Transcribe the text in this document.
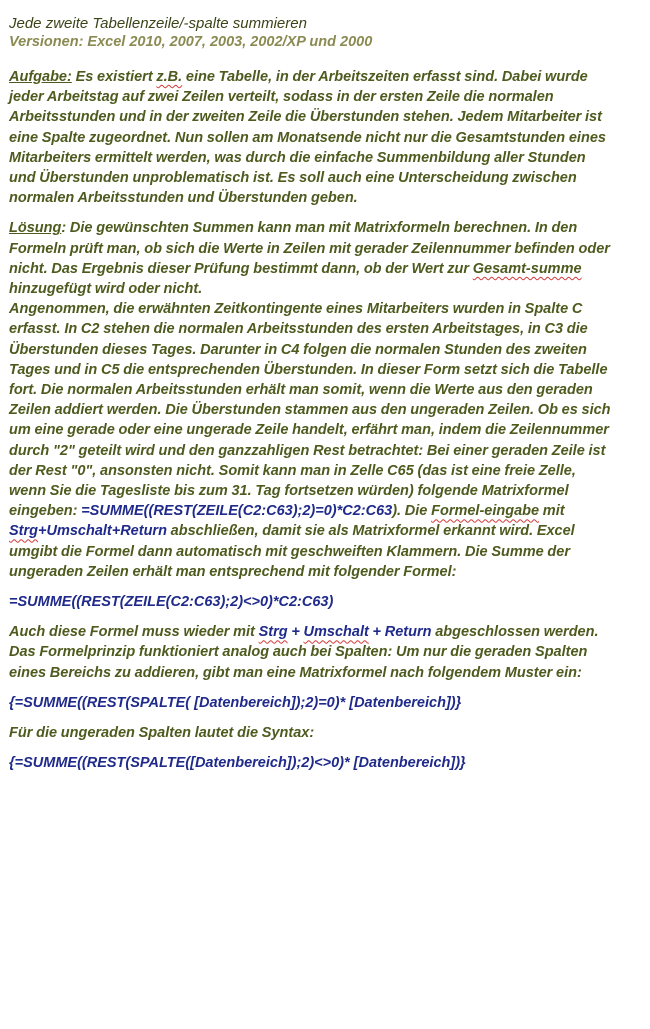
Jede zweite Tabellenzeile/-spalte summieren

Versionen: Excel 2010, 2007, 2003, 2002/XP und 2000

Aufgabe: Es existiert z.B. eine Tabelle, in der Arbeitszeiten erfasst sind. Dabei wurde jeder Arbeitstag auf zwei Zeilen verteilt, sodass in der ersten Zeile die normalen Arbeitsstunden und in der zweiten Zeile die Überstunden stehen. Jedem Mitarbeiter ist eine Spalte zugeordnet. Nun sollen am Monatsende nicht nur die Gesamtstunden eines Mitarbeiters ermittelt werden, was durch die einfache Summenbildung aller Stunden und Überstunden unproblematisch ist. Es soll auch eine Unterscheidung zwischen normalen Arbeitsstunden und Überstunden geben.

Lösung: Die gewünschten Summen kann man mit Matrixformeln berechnen. In den Formeln prüft man, ob sich die Werte in Zeilen mit gerader Zeilennummer befinden oder nicht. Das Ergebnis dieser Prüfung bestimmt dann, ob der Wert zur Gesamt-summe hinzugefügt wird oder nicht.

Angenommen, die erwähnten Zeitkontingente eines Mitarbeiters wurden in Spalte C erfasst. In C2 stehen die normalen Arbeitsstunden des ersten Arbeitstages, in C3 die Überstunden dieses Tages. Darunter in C4 folgen die normalen Stunden des zweiten Tages und in C5 die entsprechenden Überstunden. In dieser Form setzt sich die Tabelle fort. Die normalen Arbeitsstunden erhält man somit, wenn die Werte aus den geraden Zeilen addiert werden. Die Überstunden stammen aus den ungeraden Zeilen. Ob es sich um eine gerade oder eine ungerade Zeile handelt, erfährt man, indem die Zeilennummer durch "2" geteilt wird und den ganzzahligen Rest betrachtet: Bei einer geraden Zeile ist der Rest "0", ansonsten nicht. Somit kann man in Zelle C65 (das ist eine freie Zelle, wenn Sie die Tagesliste bis zum 31. Tag fortsetzen würden) folgende Matrixformel eingeben: =SUMME((REST(ZEILE(C2:C63);2)=0)*C2:C63). Die Formel-eingabe mit Strg+Umschalt+Return abschließen, damit sie als Matrixformel erkannt wird. Excel umgibt die Formel dann automatisch mit geschweiften Klammern. Die Summe der ungeraden Zeilen erhält man entsprechend mit folgender Formel:

=SUMME((REST(ZEILE(C2:C63);2)<>0)*C2:C63)

Auch diese Formel muss wieder mit Strg + Umschalt + Return abgeschlossen werden. Das Formelprinzip funktioniert analog auch bei Spalten: Um nur die geraden Spalten eines Bereichs zu addieren, gibt man eine Matrixformel nach folgendem Muster ein:

{=SUMME((REST(SPALTE( [Datenbereich]);2)=0)* [Datenbereich])}

Für die ungeraden Spalten lautet die Syntax:

{=SUMME((REST(SPALTE([Datenbereich]);2)<>0)* [Datenbereich])}
